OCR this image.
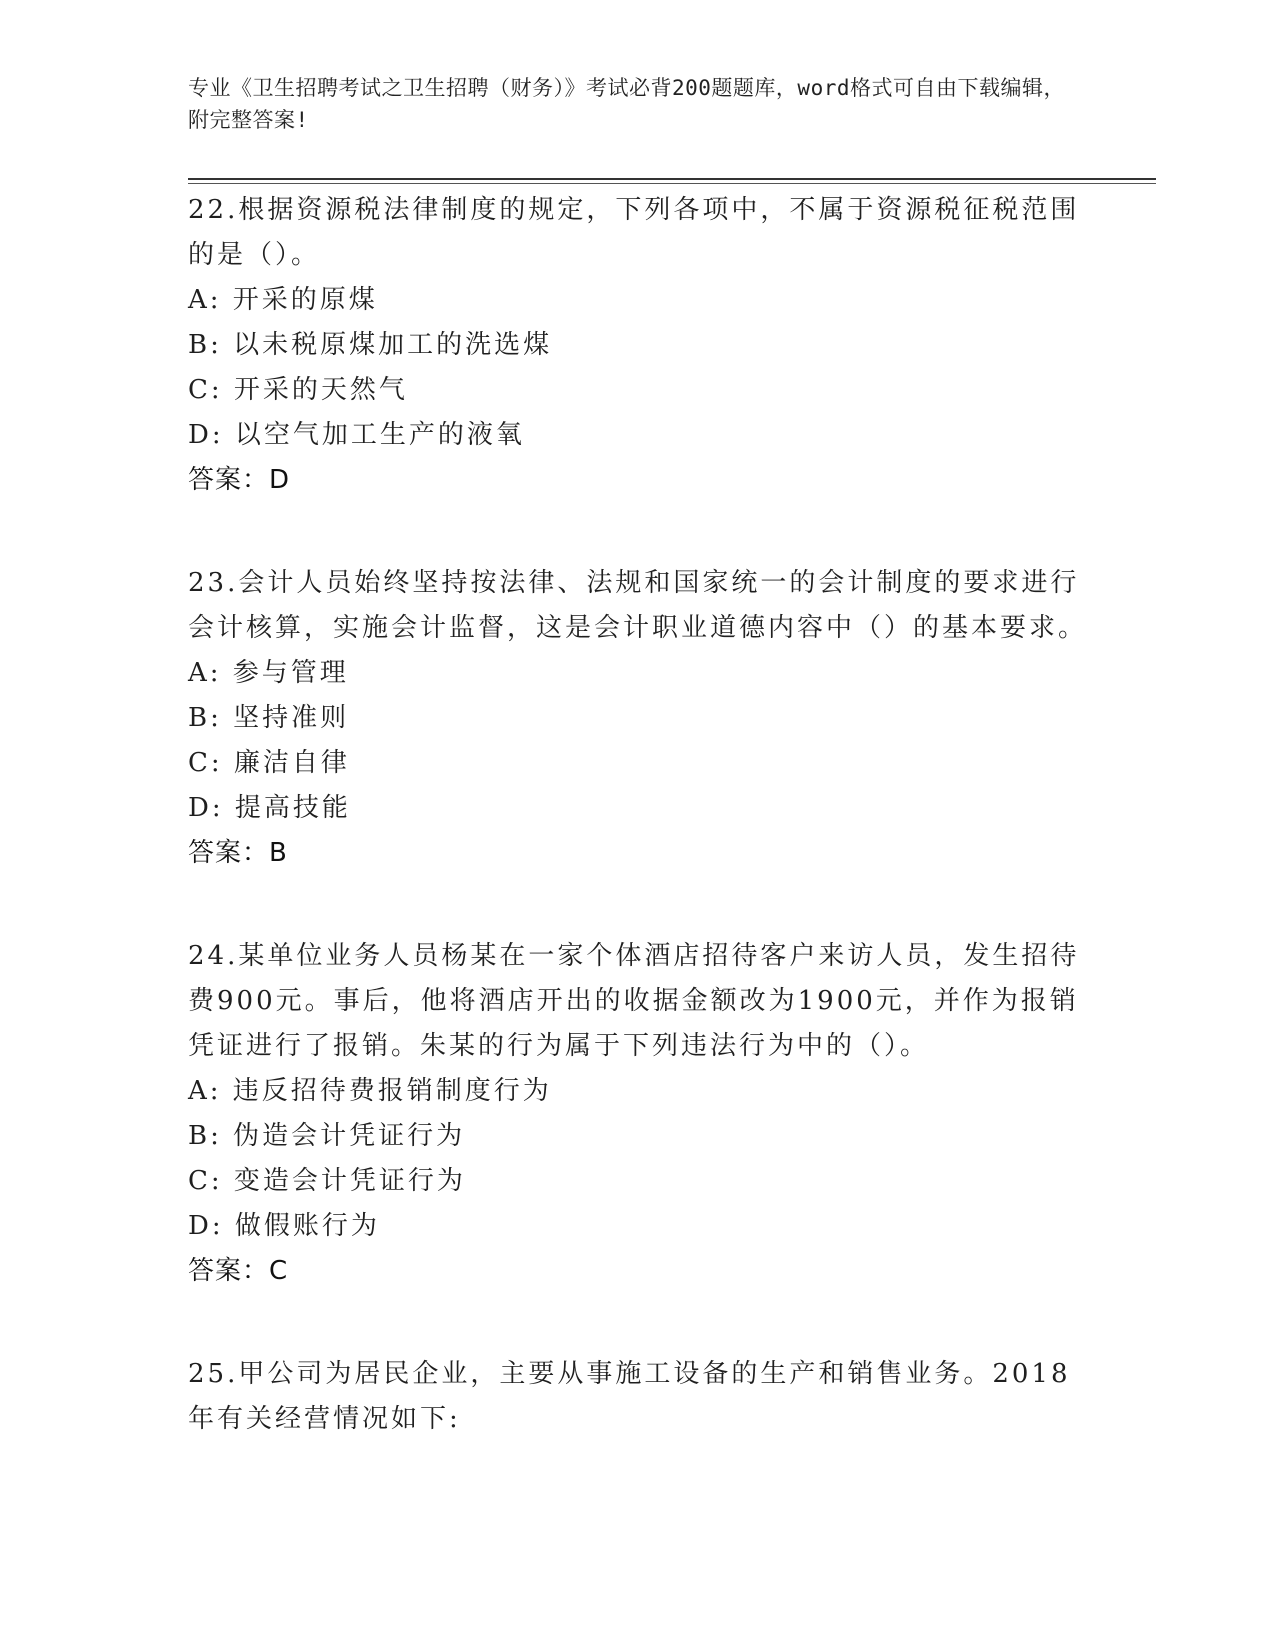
专业《卫生招聘考试之卫生招聘（财务）》考试必背200题题库，word格式可自由下载编辑，附完整答案!
22.根据资源税法律制度的规定，下列各项中，不属于资源税征税范围的是（）。
A: 开采的原煤
B: 以未税原煤加工的洗选煤
C: 开采的天然气
D: 以空气加工生产的液氧
答案：D
23.会计人员始终坚持按法律、法规和国家统一的会计制度的要求进行会计核算，实施会计监督，这是会计职业道德内容中（）的基本要求。
A: 参与管理
B: 坚持准则
C: 廉洁自律
D: 提高技能
答案：B
24.某单位业务人员杨某在一家个体酒店招待客户来访人员，发生招待费900元。事后，他将酒店开出的收据金额改为1900元，并作为报销凭证进行了报销。朱某的行为属于下列违法行为中的（）。
A: 违反招待费报销制度行为
B: 伪造会计凭证行为
C: 变造会计凭证行为
D: 做假账行为
答案：C
25.甲公司为居民企业，主要从事施工设备的生产和销售业务。2018年有关经营情况如下:
